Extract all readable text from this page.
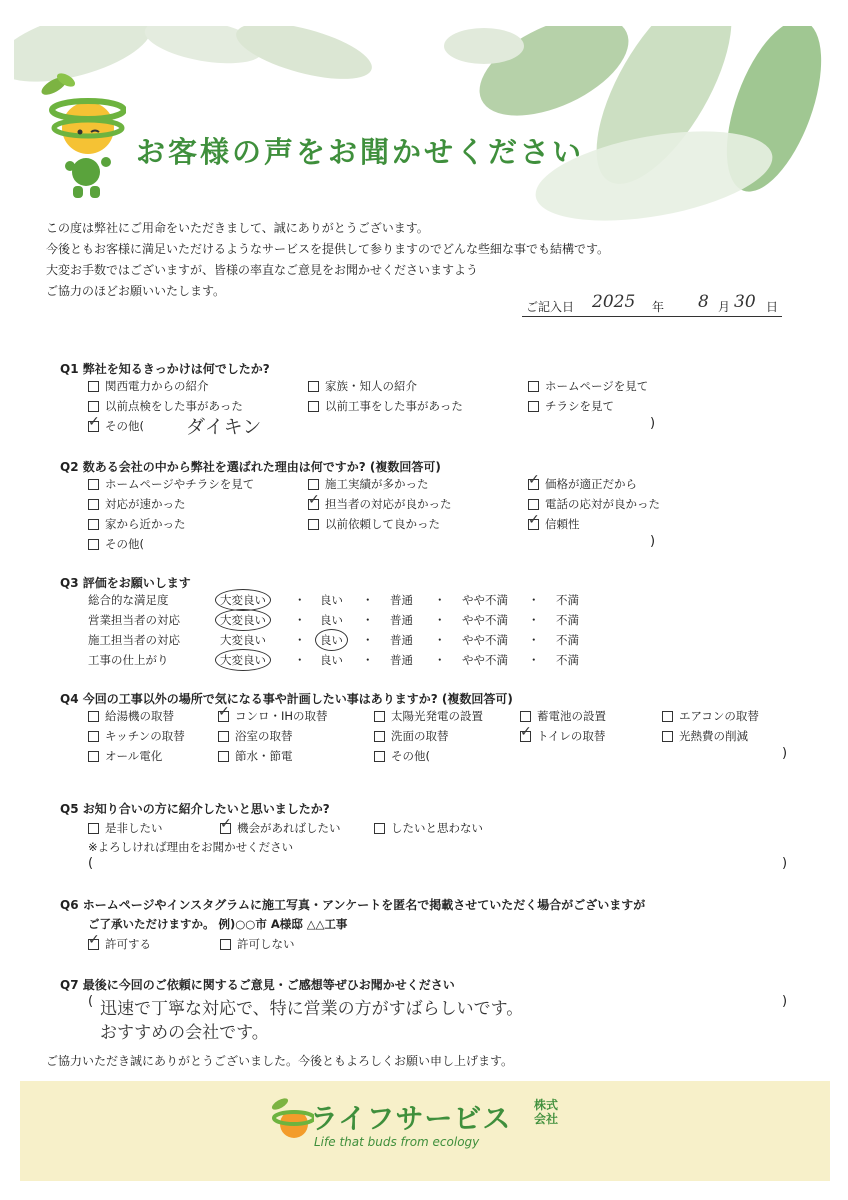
お客様の声をお聞かせください
この度は弊社にご用命をいただきまして、誠にありがとうございます。
今後ともお客様に満足いただけるようなサービスを提供して参りますのでどんな些細な事でも結構です。
大変お手数ではございますが、皆様の率直なご意見をお聞かせくださいますよう
ご協力のほどお願いいたします。
ご記入日 2025 年 8 月 30 日
Q1 弊社を知るきっかけは何でしたか?
関西電力からの紹介	家族・知人の紹介	ホームページを見て
以前点検をした事があった	以前工事をした事があった	チラシを見て
✓ その他( ダイキン	)
Q2 数ある会社の中から弊社を選ばれた理由は何ですか? (複数回答可)
ホームページやチラシを見て	施工実績が多かった	✓ 価格が適正だから
対応が速かった	✓ 担当者の対応が良かった	電話の応対が良かった
家から近かった	以前依頼して良かった	✓ 信頼性
その他(	)
Q3 評価をお願いします
総合的な満足度	大変良い	・ 良い ・ 普通 ・ やや不満 ・ 不満
営業担当者の対応	大変良い	・ 良い ・ 普通 ・ やや不満 ・ 不満
施工担当者の対応	大変良い ・	良い	・ 普通 ・ やや不満 ・ 不満
工事の仕上がり	大変良い	・ 良い ・ 普通 ・ やや不満 ・ 不満
Q4 今回の工事以外の場所で気になる事や計画したい事はありますか? (複数回答可)
給湯機の取替	✓ コンロ・IHの取替	太陽光発電の設置	蓄電池の設置	エアコンの取替
キッチンの取替	浴室の取替	洗面の取替	✓ トイレの取替	光熱費の削減
オール電化	節水・節電	その他(	)
Q5 お知り合いの方に紹介したいと思いましたか?
是非したい	✓ 機会があればしたい	したいと思わない
※よろしければ理由をお聞かせください
(	)
Q6 ホームページやインスタグラムに施工写真・アンケートを匿名で掲載させていただく場合がございますが
ご了承いただけますか。 例)○○市 A様邸 △△工事
✓ 許可する	許可しない
Q7 最後に今回のご依頼に関するご意見・ご感想等ぜひお聞かせください
( 迅速で丁寧な対応で、特に営業の方がすばらしいです。
おすすめの会社です。
)
ご協力いただき誠にありがとうございました。今後ともよろしくお願い申し上げます。
ライフサービス 株式会社
Life that buds from ecology
